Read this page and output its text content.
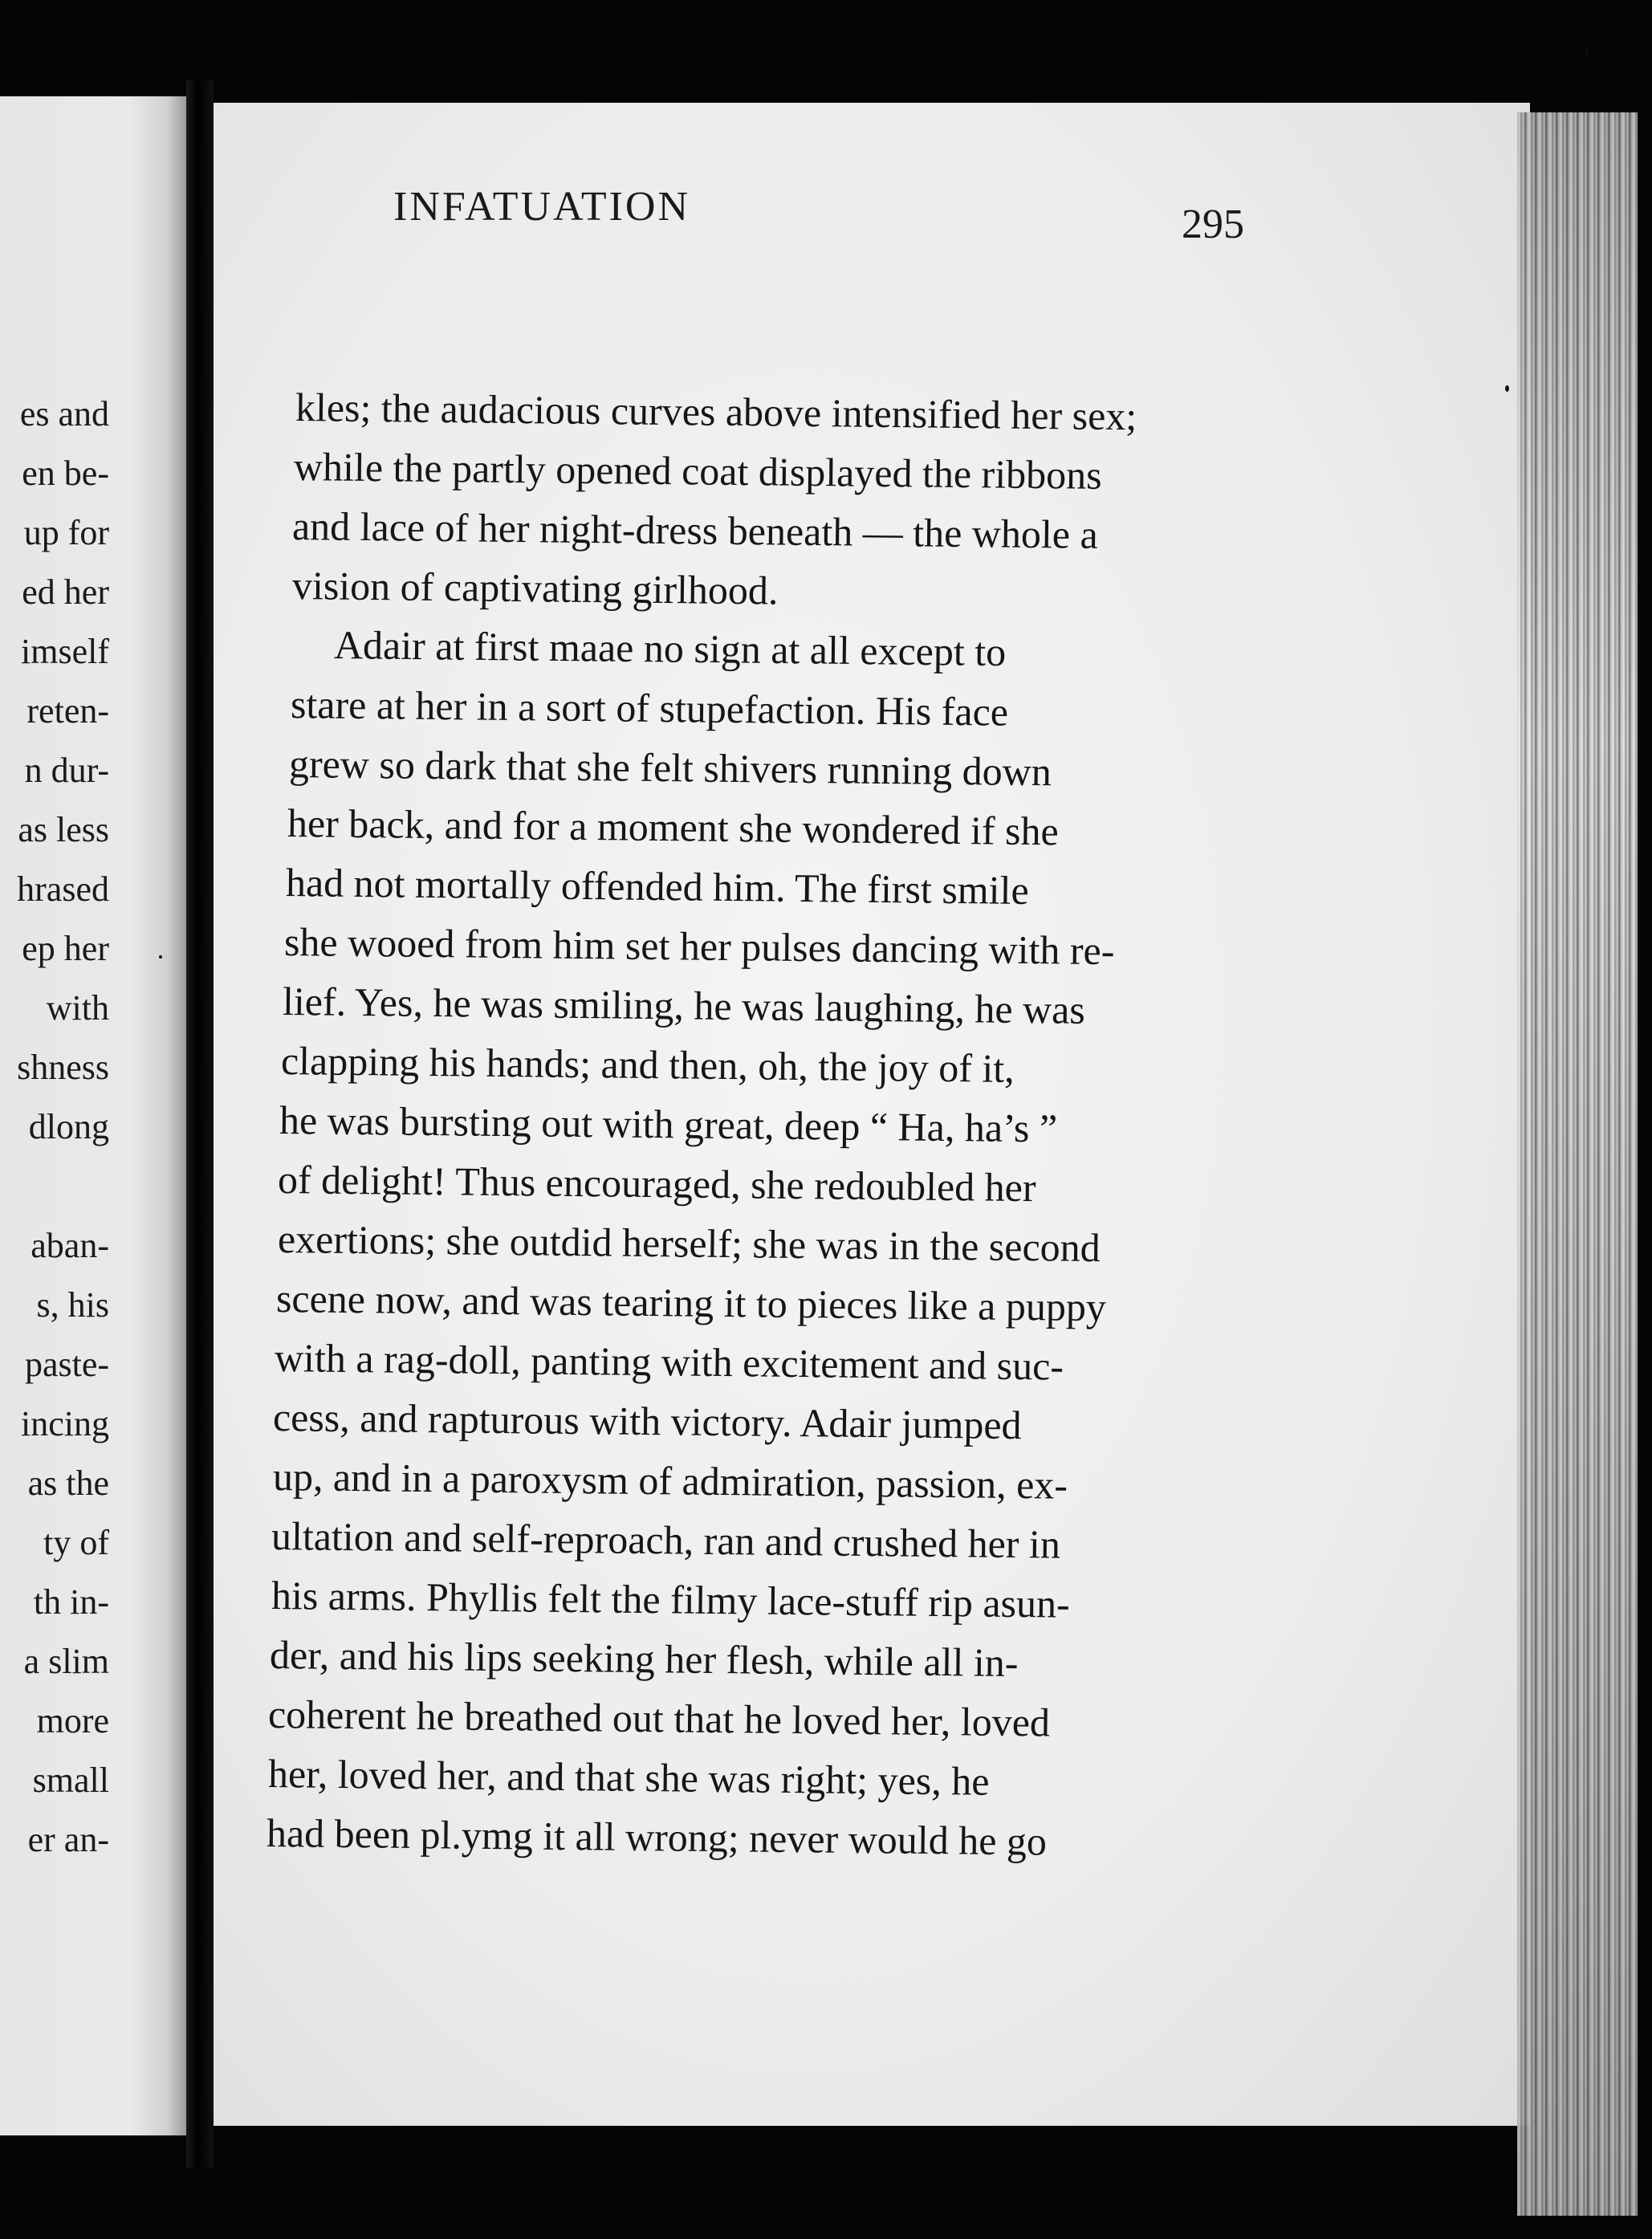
es and
en be-
up for
ed her
imself
reten-
n dur-
as less
hrased
ep her
with
shness
dlong
aban-
s, his
paste-
incing
as the
ty of
th in-
a slim
more
small
er an-
INFATUATION	295
kles; the audacious curves above intensified her sex;
while the partly opened coat displayed the ribbons
and lace of her night-dress beneath — the whole a
vision of captivating girlhood.
Adair at first maae no sign at all except to
stare at her in a sort of stupefaction. His face
grew so dark that she felt shivers running down
her back, and for a moment she wondered if she
had not mortally offended him. The first smile
she wooed from him set her pulses dancing with re-
lief. Yes, he was smiling, he was laughing, he was
clapping his hands; and then, oh, the joy of it,
he was bursting out with great, deep “ Ha, ha’s ”
of delight! Thus encouraged, she redoubled her
exertions; she outdid herself; she was in the second
scene now, and was tearing it to pieces like a puppy
with a rag-doll, panting with excitement and suc-
cess, and rapturous with victory. Adair jumped
up, and in a paroxysm of admiration, passion, ex-
ultation and self-reproach, ran and crushed her in
his arms. Phyllis felt the filmy lace-stuff rip asun-
der, and his lips seeking her flesh, while all in-
coherent he breathed out that he loved her, loved
her, loved her, and that she was right; yes, he
had been pl.ymg it all wrong; never would he go
